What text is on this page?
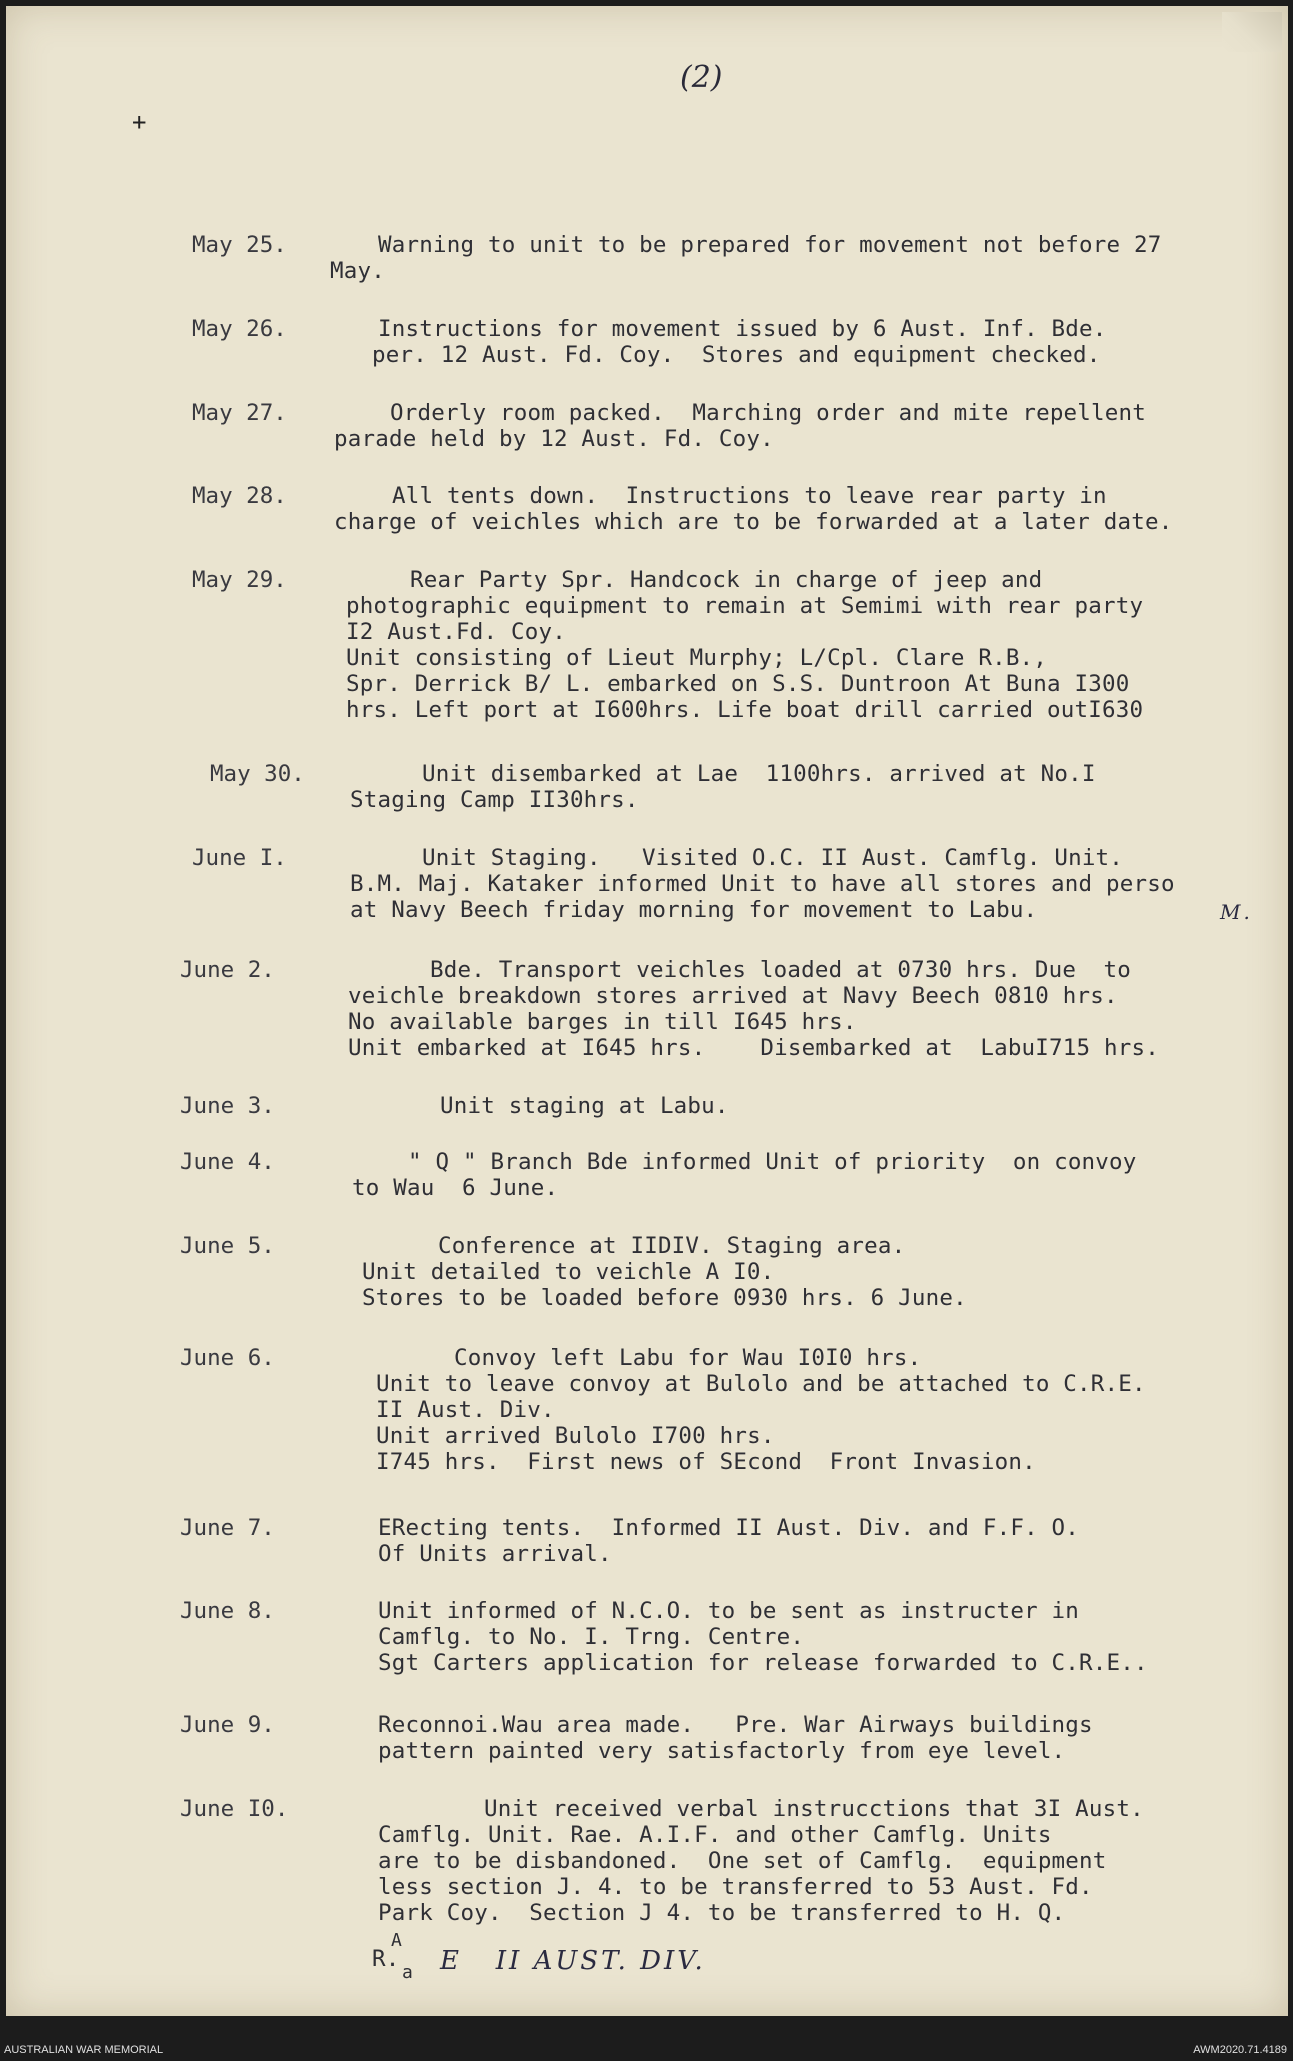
(2)
+
May 25.	Warning to unit to be prepared for movement not before 27
May.
May 26.	Instructions for movement issued by 6 Aust. Inf. Bde.
per. 12 Aust. Fd. Coy.  Stores and equipment checked.
May 27.	Orderly room packed.  Marching order and mite repellent
parade held by 12 Aust. Fd. Coy.
May 28.	All tents down.  Instructions to leave rear party in
charge of veichles which are to be forwarded at a later date.
May 29.	Rear Party Spr. Handcock in charge of jeep and
photographic equipment to remain at Semimi with rear party
I2 Aust.Fd. Coy.
Unit consisting of Lieut Murphy; L/Cpl. Clare R.B.,
Spr. Derrick B/ L. embarked on S.S. Duntroon At Buna I300
hrs. Left port at I600hrs. Life boat drill carried outI630
May 30.	Unit disembarked at Lae  1100hrs. arrived at No.I
Staging Camp II30hrs.
June I.	Unit Staging.   Visited O.C. II Aust. Camflg. Unit.
B.M. Maj. Kataker informed Unit to have all stores and perso
at Navy Beech friday morning for movement to Labu.
June 2.	Bde. Transport veichles loaded at 0730 hrs. Due  to
veichle breakdown stores arrived at Navy Beech 0810 hrs.
No available barges in till I645 hrs.
Unit embarked at I645 hrs.    Disembarked at  LabuI715 hrs.
June 3.	Unit staging at Labu.
June 4.	" Q " Branch Bde informed Unit of priority  on convoy
to Wau  6 June.
June 5.	Conference at IIDIV. Staging area.
Unit detailed to veichle A I0.
Stores to be loaded before 0930 hrs. 6 June.
June 6.	Convoy left Labu for Wau I0I0 hrs.
Unit to leave convoy at Bulolo and be attached to C.R.E.
II Aust. Div.
Unit arrived Bulolo I700 hrs.
I745 hrs.  First news of SEcond  Front Invasion.
June 7.	ERecting tents.  Informed II Aust. Div. and F.F. O.
Of Units arrival.
June 8.	Unit informed of N.C.O. to be sent as instructer in
Camflg. to No. I. Trng. Centre.
Sgt Carters application for release forwarded to C.R.E..
June 9.	Reconnoi.Wau area made.   Pre. War Airways buildings
pattern painted very satisfactorly from eye level.
June I0.	Unit received verbal instrucctions that 3I Aust.
Camflg. Unit. Rae. A.I.F. and other Camflg. Units
are to be disbandoned.  One set of Camflg.  equipment
less section J. 4. to be transferred to 53 Aust. Fd.
Park Coy.  Section J 4. to be transferred to H. Q.
M.
R.
A
a E   II AUST. DIV.
AUSTRALIAN WAR MEMORIAL	AWM2020.71.4189
